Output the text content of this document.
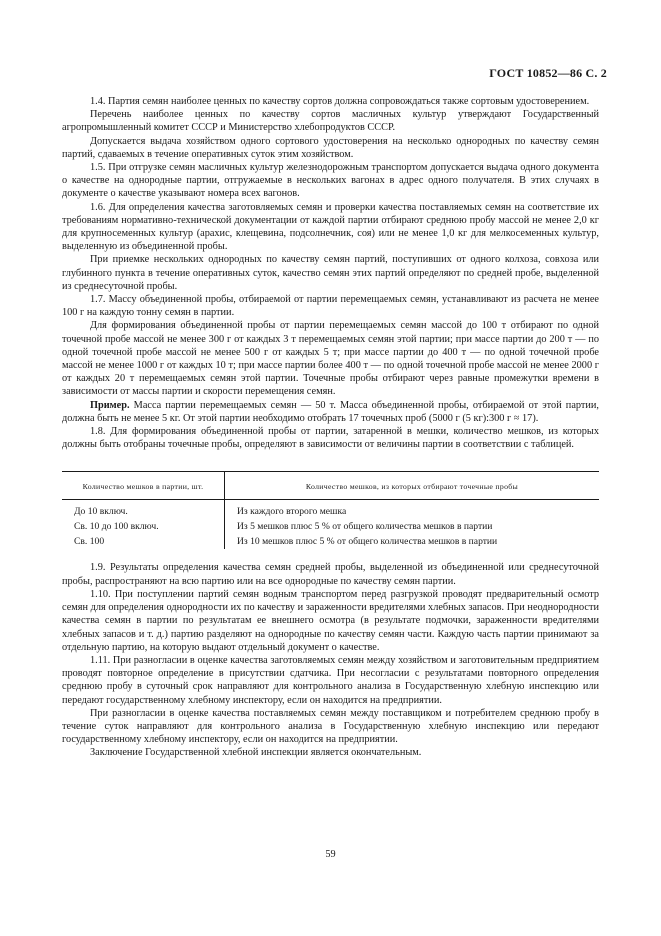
ГОСТ 10852—86 С. 2

1.4. Партия семян наиболее ценных по качеству сортов должна сопровождаться также сортовым удостоверением.

Перечень наиболее ценных по качеству сортов масличных культур утверждают Государственный агропромышленный комитет СССР и Министерство хлебопродуктов СССР.

Допускается выдача хозяйством одного сортового удостоверения на несколько однородных по качеству семян партий, сдаваемых в течение оперативных суток этим хозяйством.

1.5. При отгрузке семян масличных культур железнодорожным транспортом допускается выдача одного документа о качестве на однородные партии, отгружаемые в нескольких вагонах в адрес одного получателя. В этих случаях в документе о качестве указывают номера всех вагонов.

1.6. Для определения качества заготовляемых семян и проверки качества поставляемых семян на соответствие их требованиям нормативно-технической документации от каждой партии отбирают среднюю пробу массой не менее 2,0 кг для крупносеменных культур (арахис, клещевина, подсолнечник, соя) или не менее 1,0 кг для мелкосеменных культур, выделенную из объединенной пробы.

При приемке нескольких однородных по качеству семян партий, поступивших от одного колхоза, совхоза или глубинного пункта в течение оперативных суток, качество семян этих партий определяют по средней пробе, выделенной из среднесуточной пробы.

1.7. Массу объединенной пробы, отбираемой от партии перемещаемых семян, устанавливают из расчета не менее 100 г на каждую тонну семян в партии.

Для формирования объединенной пробы от партии перемещаемых семян массой до 100 т отбирают по одной точечной пробе массой не менее 300 г от каждых 3 т перемещаемых семян этой партии; при массе партии до 200 т — по одной точечной пробе массой не менее 500 г от каждых 5 т; при массе партии до 400 т — по одной точечной пробе массой не менее 1000 г от каждых 10 т; при массе партии более 400 т — по одной точечной пробе массой не менее 2000 г от каждых 20 т перемещаемых семян этой партии. Точечные пробы отбирают через равные промежутки времени в зависимости от массы партии и скорости перемещения семян.

Пример. Масса партии перемещаемых семян — 50 т. Масса объединенной пробы, отбираемой от этой партии, должна быть не менее 5 кг. От этой партии необходимо отобрать 17 точечных проб (5000 г (5 кг):300 г ≈ 17).

1.8. Для формирования объединенной пробы от партии, затаренной в мешки, количество мешков, из которых должны быть отобраны точечные пробы, определяют в зависимости от величины партии в соответствии с таблицей.

Количество мешков в партии, шт.	Количество мешков, из которых отбирают точечные пробы
До 10 включ.	Из каждого второго мешка
Св. 10 до 100 включ.	Из 5 мешков плюс 5 % от общего количества мешков в партии
Св. 100	Из 10 мешков плюс 5 % от общего количества мешков в партии

1.9. Результаты определения качества семян средней пробы, выделенной из объединенной или среднесуточной пробы, распространяют на всю партию или на все однородные по качеству семян партии.

1.10. При поступлении партий семян водным транспортом перед разгрузкой проводят предварительный осмотр семян для определения однородности их по качеству и зараженности вредителями хлебных запасов. При неоднородности качества семян в партии по результатам ее внешнего осмотра (в результате подмочки, зараженности вредителями хлебных запасов и т. д.) партию разделяют на однородные по качеству семян части. Каждую часть партии принимают за отдельную партию, на которую выдают отдельный документ о качестве.

1.11. При разногласии в оценке качества заготовляемых семян между хозяйством и заготовительным предприятием проводят повторное определение в присутствии сдатчика. При несогласии с результатами повторного определения среднюю пробу в суточный срок направляют для контрольного анализа в Государственную хлебную инспекцию или передают государственному хлебному инспектору, если он находится на предприятии.

При разногласии в оценке качества поставляемых семян между поставщиком и потребителем среднюю пробу в течение суток направляют для контрольного анализа в Государственную хлебную инспекцию или передают государственному хлебному инспектору, если он находится на предприятии.

Заключение Государственной хлебной инспекции является окончательным.

59
